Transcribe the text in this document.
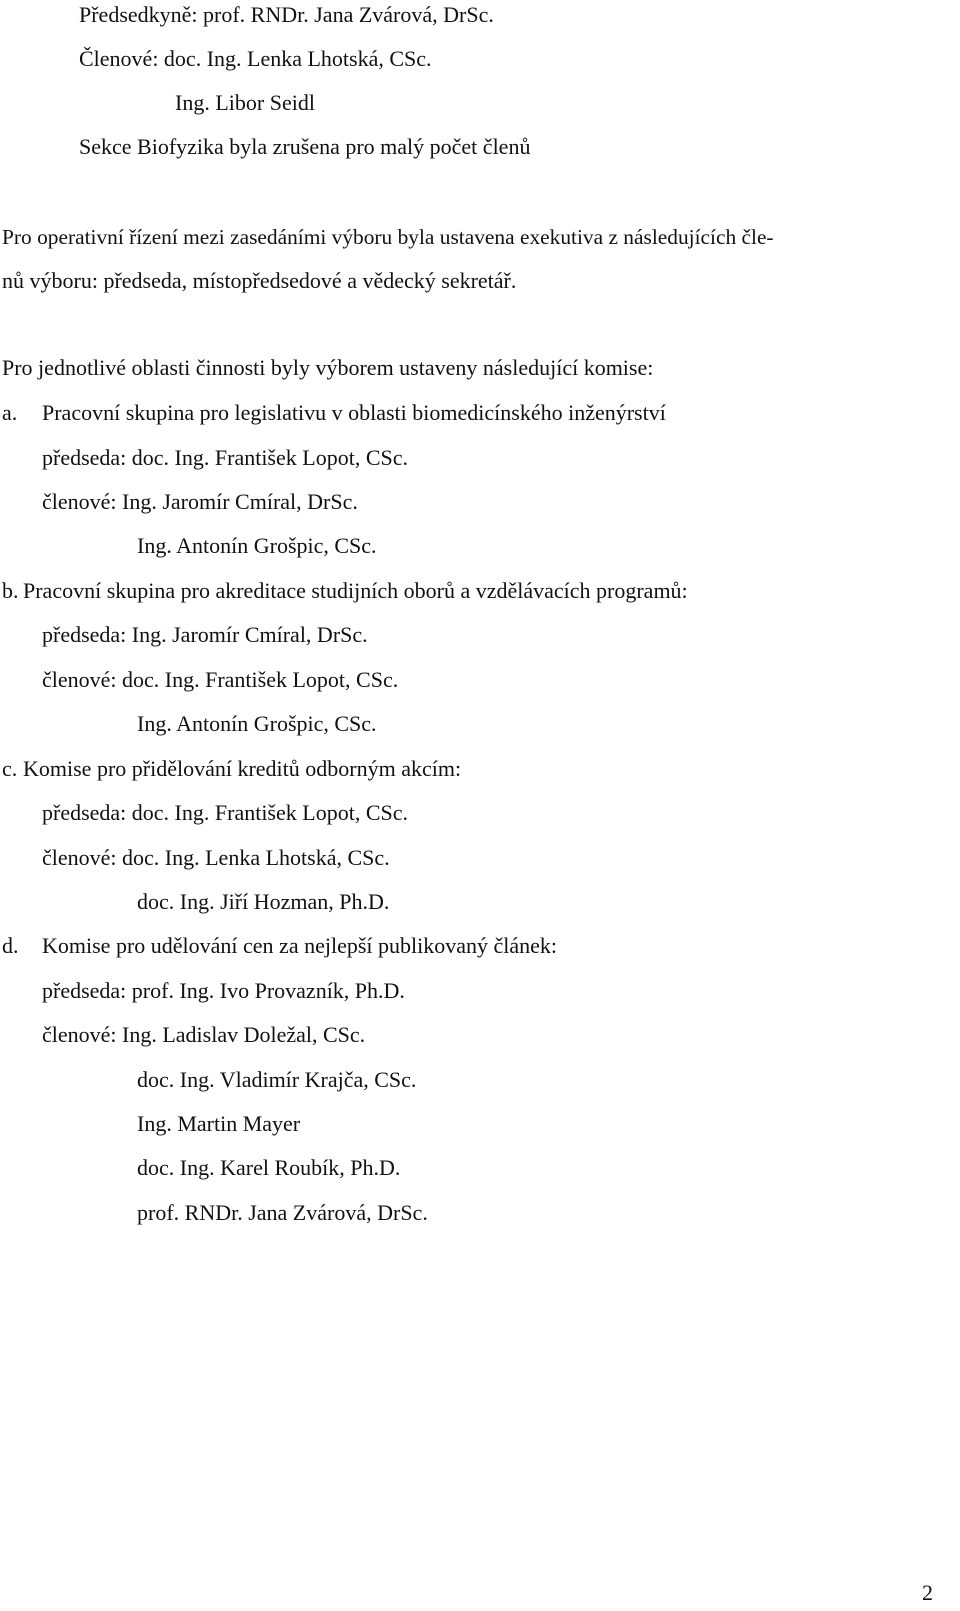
Předsedkyně: prof. RNDr. Jana Zvárová, DrSc.
Členové: doc. Ing. Lenka Lhotská, CSc.
Ing. Libor Seidl
Sekce Biofyzika byla zrušena pro malý počet členů
Pro operativní řízení mezi zasedáními výboru byla ustavena exekutiva z následujících čle-
nů výboru: předseda, místopředsedové a vědecký sekretář.
Pro jednotlivé oblasti činnosti byly výborem ustaveny následující komise:
a. Pracovní skupina pro legislativu v oblasti biomedicínského inženýrství
předseda: doc. Ing. František Lopot, CSc.
členové: Ing. Jaromír Cmíral, DrSc.
Ing. Antonín Grošpic, CSc.
b. Pracovní skupina pro akreditace studijních oborů a vzdělávacích programů:
předseda: Ing. Jaromír Cmíral, DrSc.
členové: doc. Ing. František Lopot, CSc.
Ing. Antonín Grošpic, CSc.
c. Komise pro přidělování kreditů odborným akcím:
předseda: doc. Ing. František Lopot, CSc.
členové: doc. Ing. Lenka Lhotská, CSc.
doc. Ing. Jiří Hozman, Ph.D.
d. Komise pro udělování cen za nejlepší publikovaný článek:
předseda: prof. Ing. Ivo Provazník, Ph.D.
členové: Ing. Ladislav Doležal, CSc.
doc. Ing. Vladimír Krajča, CSc.
Ing. Martin Mayer
doc. Ing. Karel Roubík, Ph.D.
prof. RNDr. Jana Zvárová, DrSc.
2
